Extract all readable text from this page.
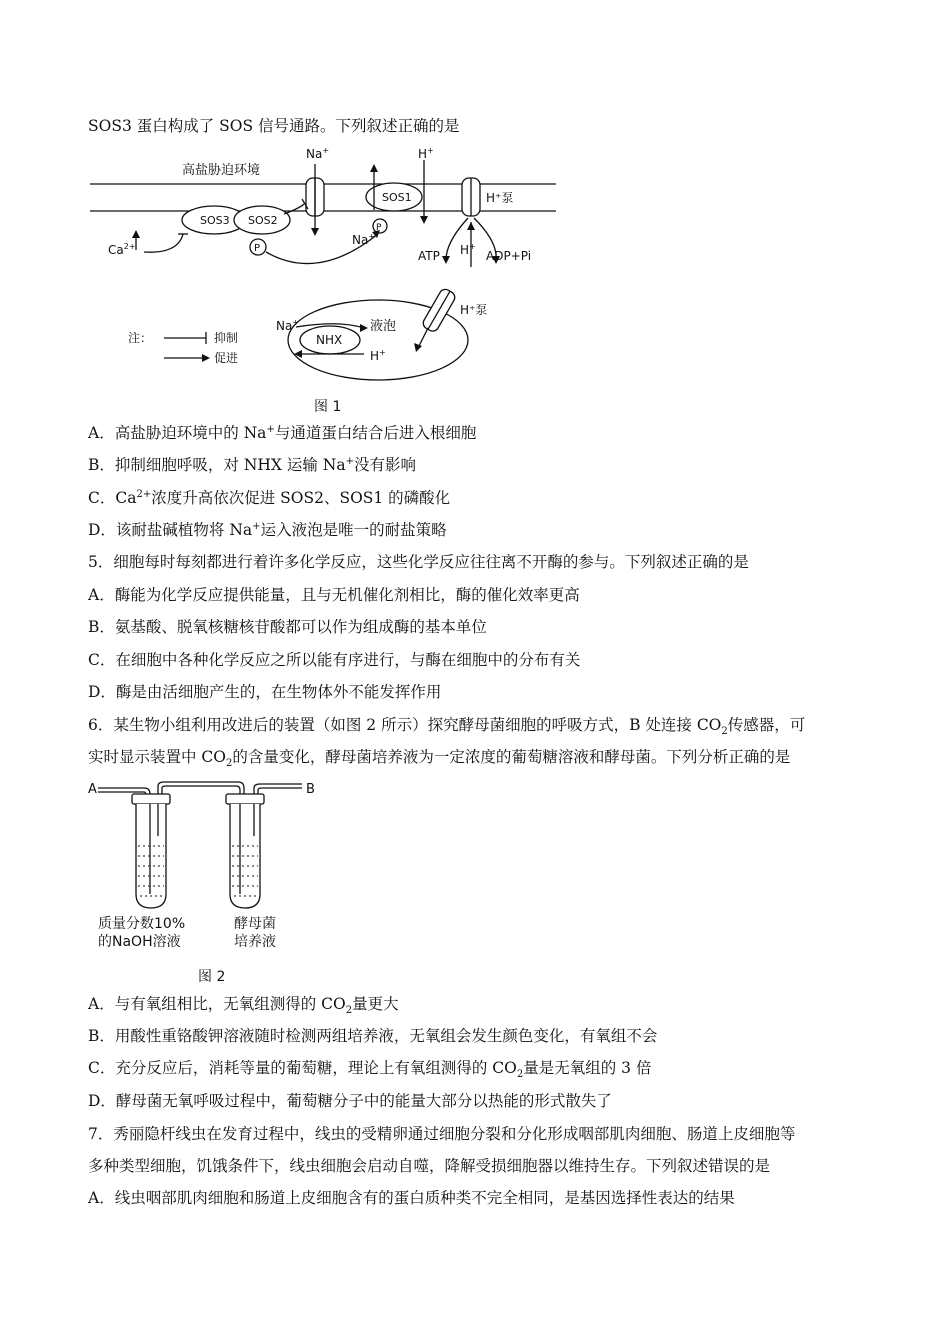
SOS3 蛋白构成了 SOS 信号通路。下列叙述正确的是
高盐胁迫环境
Na+	H+
SOS1
SOS3 SOS2
P
P
Na+
$Ca^{2+}$
H⁺泵
ATP H+
ADP+Pi
H⁺泵
Na+
NHX
液泡
H+
注：	抑制
促进
图 1
A．高盐胁迫环境中的 Na+与通道蛋白结合后进入根细胞
B．抑制细胞呼吸，对 NHX 运输 Na+没有影响
C．$Ca^{2+}$浓度升高依次促进 SOS2、SOS1 的磷酸化
D．该耐盐碱植物将 Na+运入液泡是唯一的耐盐策略
5．细胞每时每刻都进行着许多化学反应，这些化学反应往往离不开酶的参与。下列叙述正确的是
A．酶能为化学反应提供能量，且与无机催化剂相比，酶的催化效率更高
B．氨基酸、脱氧核糖核苷酸都可以作为组成酶的基本单位
C．在细胞中各种化学反应之所以能有序进行，与酶在细胞中的分布有关
D．酶是由活细胞产生的，在生物体外不能发挥作用
6．某生物小组利用改进后的装置（如图 2 所示）探究酵母菌细胞的呼吸方式，B 处连接 $CO_2$传感器，可
实时显示装置中 $CO_2$的含量变化，酵母菌培养液为一定浓度的葡萄糖溶液和酵母菌。下列分析正确的是
A	B
质量分数10%
的NaOH溶液
酵母菌
培养液
图 2
A．与有氧组相比，无氧组测得的 $CO_2$量更大
B．用酸性重铬酸钾溶液随时检测两组培养液，无氧组会发生颜色变化，有氧组不会
C．充分反应后，消耗等量的葡萄糖，理论上有氧组测得的 $CO_2$量是无氧组的 3 倍
D．酵母菌无氧呼吸过程中，葡萄糖分子中的能量大部分以热能的形式散失了
7．秀丽隐杆线虫在发育过程中，线虫的受精卵通过细胞分裂和分化形成咽部肌肉细胞、肠道上皮细胞等
多种类型细胞，饥饿条件下，线虫细胞会启动自噬，降解受损细胞器以维持生存。下列叙述错误的是
A．线虫咽部肌肉细胞和肠道上皮细胞含有的蛋白质种类不完全相同，是基因选择性表达的结果
